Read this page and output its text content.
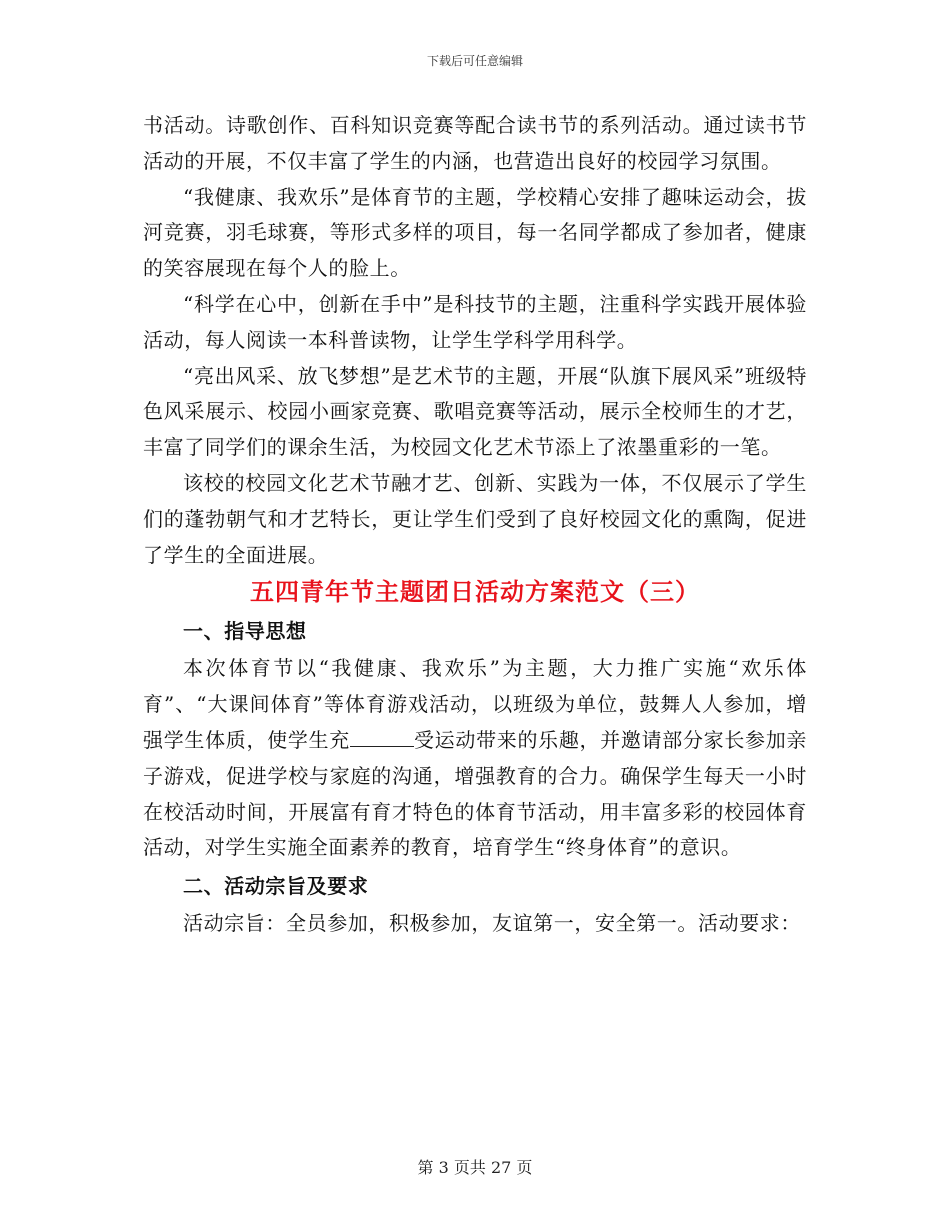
下载后可任意编辑

书活动。诗歌创作、百科知识竞赛等配合读书节的系列活动。通过读书节活动的开展，不仅丰富了学生的内涵，也营造出良好的校园学习氛围。

“我健康、我欢乐”是体育节的主题，学校精心安排了趣味运动会，拔河竞赛，羽毛球赛，等形式多样的项目，每一名同学都成了参加者，健康的笑容展现在每个人的脸上。

“科学在心中，创新在手中”是科技节的主题，注重科学实践开展体验活动，每人阅读一本科普读物，让学生学科学用科学。

“亮出风采、放飞梦想”是艺术节的主题，开展“队旗下展风采”班级特色风采展示、校园小画家竞赛、歌唱竞赛等活动，展示全校师生的才艺，丰富了同学们的课余生活，为校园文化艺术节添上了浓墨重彩的一笔。

该校的校园文化艺术节融才艺、创新、实践为一体，不仅展示了学生们的蓬勃朝气和才艺特长，更让学生们受到了良好校园文化的熏陶，促进了学生的全面进展。

五四青年节主题团日活动方案范文（三）
一、指导思想

本次体育节以“我健康、我欢乐”为主题，大力推广实施“欢乐体育”、“大课间体育”等体育游戏活动，以班级为单位，鼓舞人人参加，增强学生体质，使学生充	受运动带来的乐趣，并邀请部分家长参加亲子游戏，促进学校与家庭的沟通，增强教育的合力。确保学生每天一小时在校活动时间，开展富有育才特色的体育节活动，用丰富多彩的校园体育活动，对学生实施全面素养的教育，培育学生“终身体育”的意识。

二、活动宗旨及要求

活动宗旨：全员参加，积极参加，友谊第一，安全第一。活动要求：

第 3 页共 27 页
